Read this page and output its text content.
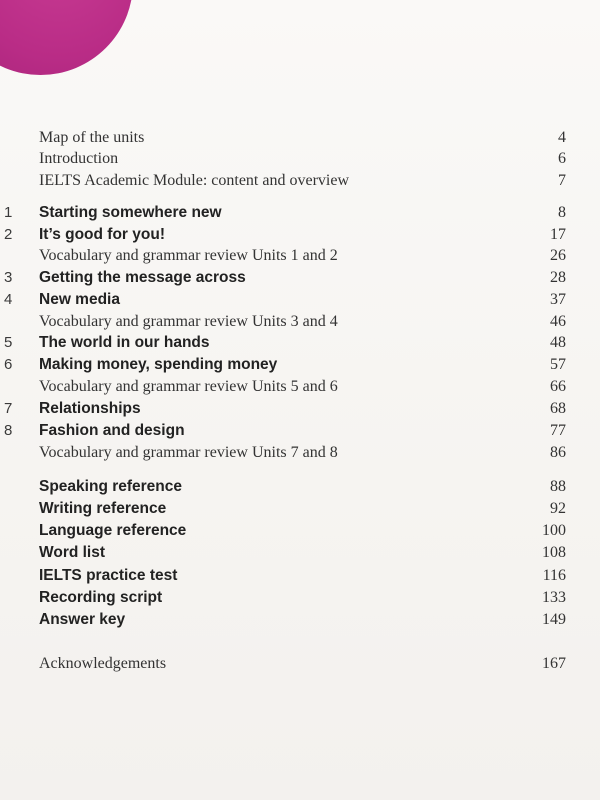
Map of the units	4
Introduction	6
IELTS Academic Module: content and overview	7
1	Starting somewhere new	8
2	It’s good for you!	17
Vocabulary and grammar review Units 1 and 2	26
3	Getting the message across	28
4	New media	37
Vocabulary and grammar review Units 3 and 4	46
5	The world in our hands	48
6	Making money, spending money	57
Vocabulary and grammar review Units 5 and 6	66
7	Relationships	68
8	Fashion and design	77
Vocabulary and grammar review Units 7 and 8	86
Speaking reference	88
Writing reference	92
Language reference	100
Word list	108
IELTS practice test	116
Recording script	133
Answer key	149
Acknowledgements	167
